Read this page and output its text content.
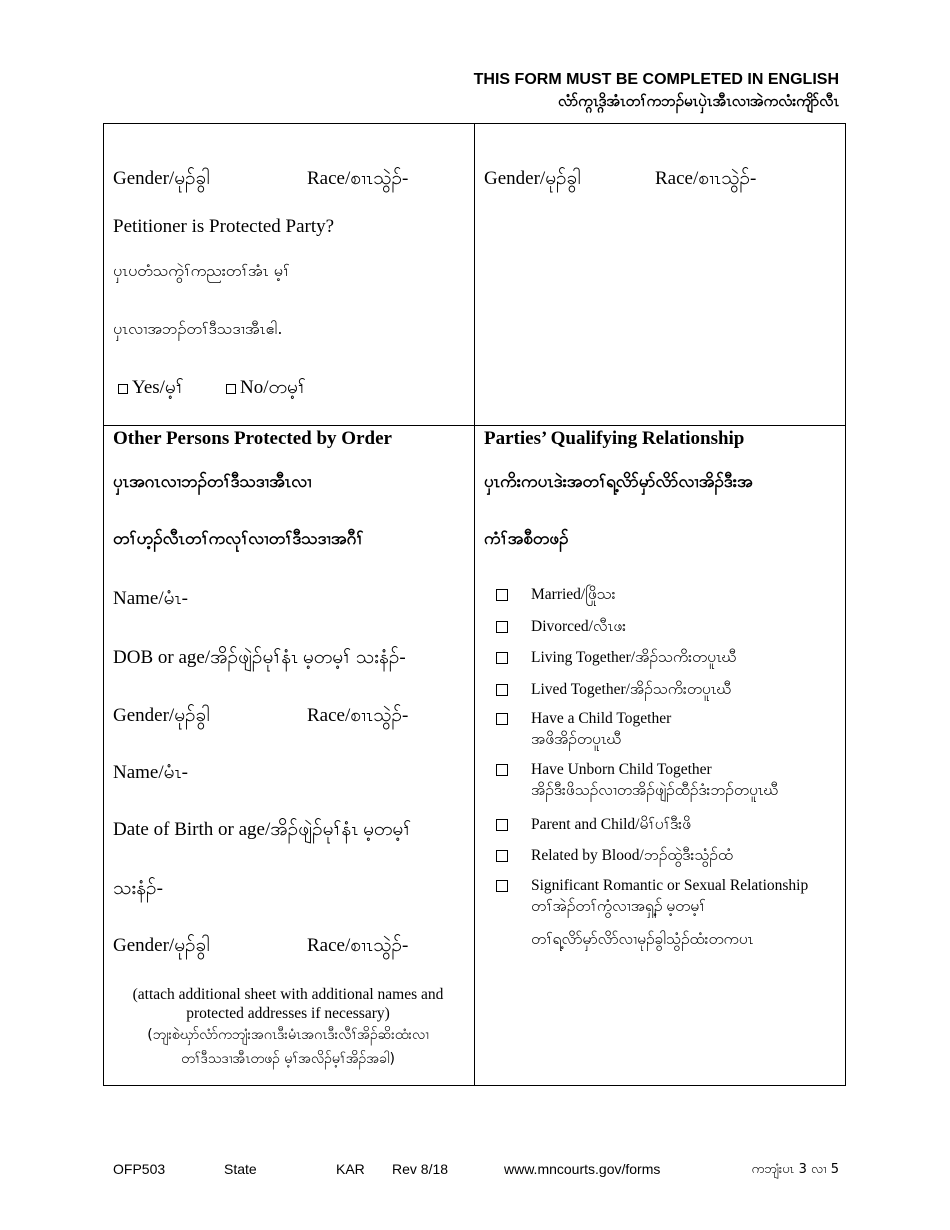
THIS FORM MUST BE COMPLETED IN ENGLISH
လံာ်က္ဂ္ဂၤဒိအံၤတၢ်ကဘၣ်မၤပှဲၤအီၤလၢအဲကလံးကျိာ်လီၤ
Gender/မုၣ်ခွါ	Race/စၢၤသွဲၣ်-
Petitioner is Protected Party?
ပှၤပတံသကွဲၢ်ကညးတၢ်အံၤ မ့ၢ်
ပှၤလၢအဘၣ်တၢ်ဒီသဒၢအီၤဧါ.
Yes/မ့ၢ်	No/တမ့ၢ်
Gender/မုၣ်ခွါ	Race/စၢၤသွဲၣ်-
Other Persons Protected by Order
ပှၤအဂၤလၢဘၣ်တၢ်ဒီသဒၢအီၤလၢ
တၢ်ဟ့ၣ်လီၤတၢ်ကလုၢ်လၢတၢ်ဒီသဒၢအဂီၢ်
Name/မံၤ-
DOB or age/အိၣ်ဖျဲၣ်မုၢ်နံၤ မ့တမ့ၢ် သးနံၣ်-
Gender/မုၣ်ခွါ	Race/စၢၤသွဲၣ်-
Name/မံၤ-
Date of Birth or age/အိၣ်ဖျဲၣ်မုၢ်နံၤ မ့တမ့ၢ်
သးနံၣ်-
Gender/မုၣ်ခွါ	Race/စၢၤသွဲၣ်-
(attach additional sheet with additional names and protected addresses if necessary)
(ဘျးစဲဃှာ်လံာ်ကဘျံးအဂၤဒီးမံၤအဂၤဒီးလီၢ်အိၣ်ဆိးထံးလၢ
တၢ်ဒီသဒၢအီၤတဖၣ် မ့ၢ်အလိၣ်မ့ၢ်အိၣ်အခါ)
Parties’ Qualifying Relationship
ပှၤကိးကပၤဒဲးအတၢ်ရ့လိာ်မှာ်လိာ်လၢအိၣ်ဒီးအ
ကံၢ်အစီတဖၣ်
Married/ဖြိုသး
Divorced/လီၤဖး
Living Together/အိၣ်သကိးတပူၤဃီ
Lived Together/အိၣ်သကိးတပူၤဃီ
Have a Child Together
အဖိအိၣ်တပူၤဃီ
Have Unborn Child Together
အိၣ်ဒီးဖိသၣ်လၢတအိၣ်ဖျဲၣ်ထီၣ်ဒံးဘၣ်တပူၤဃီ
Parent and Child/မိၢ်ပၢ်ဒီးဖိ
Related by Blood/ဘၣ်ထွဲဒီးသွံၣ်ထံ
Significant Romantic or Sexual Relationship
တၢ်အဲၣ်တၢ်ကွံလၢအရှ့ၣ် မ့တမ့ၢ်
တၢ်ရ့လိာ်မှာ်လိာ်လၢမုၣ်ခွါသွံၣ်ထံးတကပၤ
OFP503	State	KAR Rev 8/18	www.mncourts.gov/forms	ကဘျံးပၤ 3 လၢ 5
